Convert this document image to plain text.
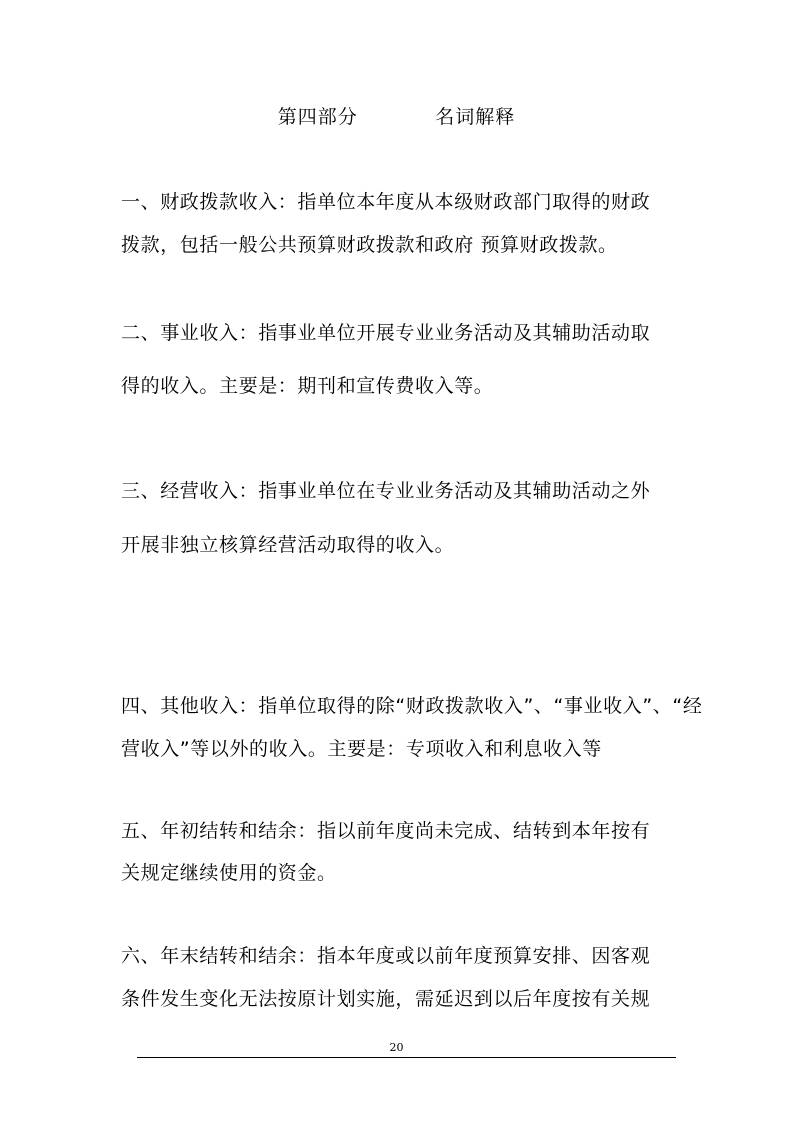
第四部分           名词解释
一、财政拨款收入：指单位本年度从本级财政部门取得的财政
拨款，包括一般公共预算财政拨款和政府 预算财政拨款。
二、事业收入：指事业单位开展专业业务活动及其辅助活动取
得的收入。主要是：期刊和宣传费收入等。
三、经营收入：指事业单位在专业业务活动及其辅助活动之外
开展非独立核算经营活动取得的收入。
四、其他收入：指单位取得的除“财政拨款收入”、“事业收入”、“经
营收入”等以外的收入。主要是：专项收入和利息收入等
五、年初结转和结余：指以前年度尚未完成、结转到本年按有
关规定继续使用的资金。
六、年末结转和结余：指本年度或以前年度预算安排、因客观
条件发生变化无法按原计划实施，需延迟到以后年度按有关规
20
